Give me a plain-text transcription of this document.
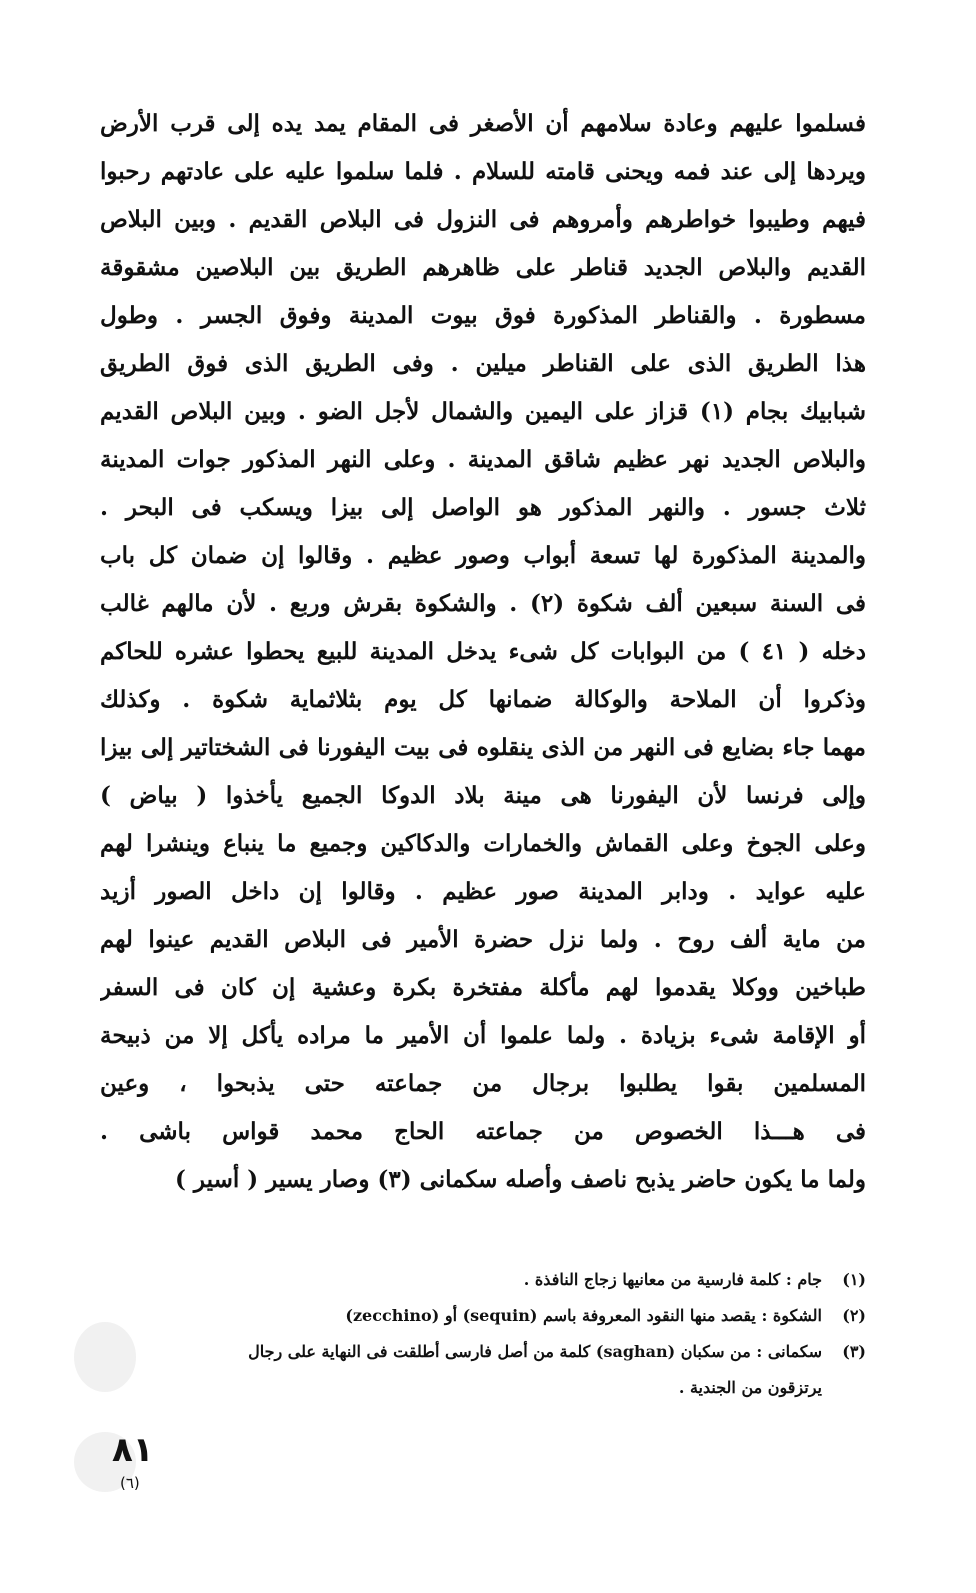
فسلموا عليهم وعادة سلامهم أن الأصغر فى المقام يمد يده إلى قرب الأرض
ويردها إلى عند فمه ويحنى قامته للسلام . فلما سلموا عليه على عادتهم رحبوا
فيهم وطيبوا خواطرهم وأمروهم فى النزول فى البلاص القديم . وبين البلاص
القديم والبلاص الجديد قناطر على ظاهرهم الطريق بين البلاصين مشقوقة
مسطورة . والقناطر المذكورة فوق بيوت المدينة وفوق الجسر . وطول
هذا الطريق الذى على القناطر ميلين . وفى الطريق الذى فوق الطريق
شبابيك بجام (١) قزاز على اليمين والشمال لأجل الضو . وبين البلاص القديم
والبلاص الجديد نهر عظيم شاقق المدينة . وعلى النهر المذكور جوات المدينة
ثلاث جسور . والنهر المذكور هو الواصل إلى بيزا ويسكب فى البحر .
والمدينة المذكورة لها تسعة أبواب وصور عظيم . وقالوا إن ضمان كل باب
فى السنة سبعين ألف شكوة (٢) . والشكوة بقرش وربع . لأن مالهم غالب
دخله ( ٤١ ) من البوابات كل شىء يدخل المدينة للبيع يحطوا عشره للحاكم
وذكروا أن الملاحة والوكالة ضمانها كل يوم بثلاثماية شكوة . وكذلك
مهما جاء بضايع فى النهر من الذى ينقلوه فى بيت اليفورنا فى الشختاتير إلى بيزا
وإلى فرنسا لأن اليفورنا هى مينة بلاد الدوكا الجميع يأخذوا ( بياض )
وعلى الجوخ وعلى القماش والخمارات والدكاكين وجميع ما ينباع وينشرا لهم
عليه عوايد . ودابر المدينة صور عظيم . وقالوا إن داخل الصور أزيد
من ماية ألف روح . ولما نزل حضرة الأمير فى البلاص القديم عينوا لهم
طباخين ووكلا يقدموا لهم مأكلة مفتخرة بكرة وعشية إن كان فى السفر
أو الإقامة شىء بزيادة . ولما علموا أن الأمير ما مراده يأكل إلا من ذبيحة
المسلمين بقوا يطلبوا برجال من جماعته حتى يذبحوا ، وعين
فى هـــذا الخصوص من جماعته الحاج محمد قواس باشى .
ولما ما يكون حاضر يذبح ناصف وأصله سكمانى (٣) وصار يسير ( أسير )
(١)جام : كلمة فارسية من معانيها زجاج النافذة .
(٢)الشكوة : يقصد منها النقود المعروفة باسم (sequin) أو (zecchino)
(٣)سكمانى : من سكبان (saghan) كلمة من أصل فارسى أطلقت فى النهاية على رجال
يرتزقون من الجندية .
٨١
(٦)
